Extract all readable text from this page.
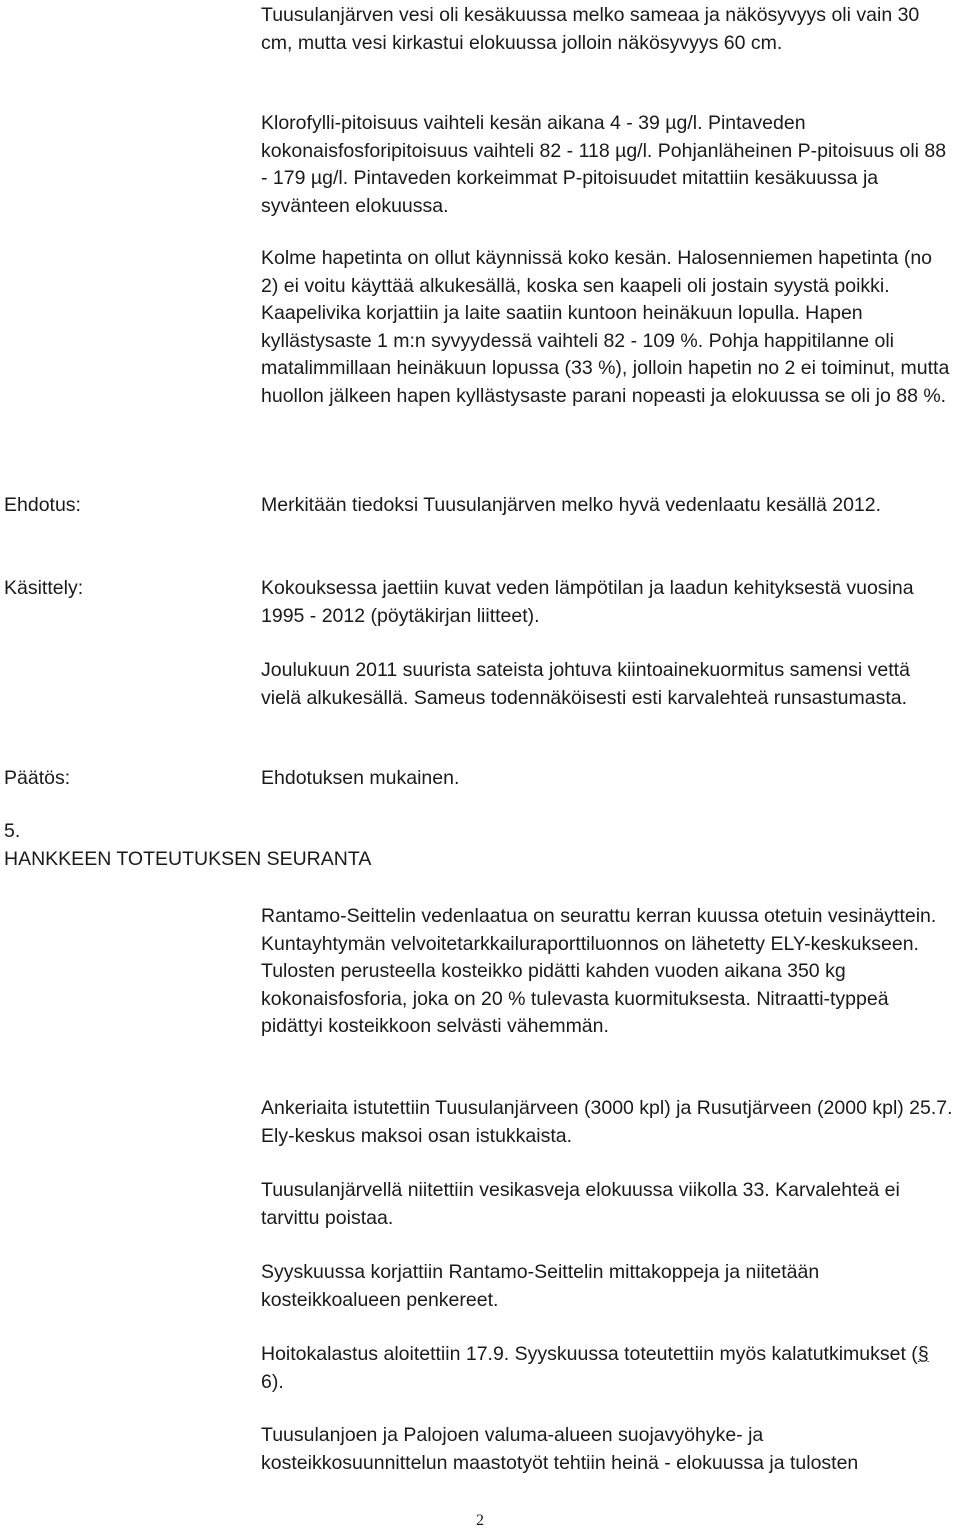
Tuusulanjärven vesi oli kesäkuussa melko sameaa ja näkösyvyys oli vain 30 cm, mutta vesi kirkastui elokuussa jolloin näkösyvyys 60 cm.

Klorofylli-pitoisuus vaihteli kesän aikana 4 - 39 µg/l. Pintaveden kokonaisfosforipitoisuus vaihteli 82 - 118 µg/l. Pohjanläheinen P-pitoisuus oli 88 - 179 µg/l. Pintaveden korkeimmat P-pitoisuudet mitattiin kesäkuussa ja syvänteen elokuussa.

Kolme hapetinta on ollut käynnissä koko kesän. Halosenniemen hapetinta (no 2) ei voitu käyttää alkukesällä, koska sen kaapeli oli jostain syystä poikki. Kaapelivika korjattiin ja laite saatiin kuntoon heinäkuun lopulla. Hapen kyllästysaste 1 m:n syvyydessä vaihteli 82 - 109 %. Pohja happitilanne oli matalimmillaan heinäkuun lopussa (33 %), jolloin hapetin no 2 ei toiminut, mutta huollon jälkeen hapen kyllästysaste parani nopeasti ja elokuussa se oli jo 88 %.

Ehdotus:	Merkitään tiedoksi Tuusulanjärven melko hyvä vedenlaatu kesällä 2012.

Käsittely:	Kokouksessa jaettiin kuvat veden lämpötilan ja laadun kehityksestä vuosina 1995 - 2012 (pöytäkirjan liitteet).

Joulukuun 2011 suurista sateista johtuva kiintoainekuormitus samensi vettä vielä alkukesällä. Sameus todennäköisesti esti karvalehteä runsastumasta.

Päätös:	Ehdotuksen mukainen.

5.

HANKKEEN TOTEUTUKSEN SEURANTA

Rantamo-Seittelin vedenlaatua on seurattu kerran kuussa otetuin vesinäyttein. Kuntayhtymän velvoitetarkkailuraporttiluonnos on lähetetty ELY-keskukseen. Tulosten perusteella kosteikko pidätti kahden vuoden aikana 350 kg kokonaisfosforia, joka on 20 % tulevasta kuormituksesta. Nitraatti-typpeä pidättyi kosteikkoon selvästi vähemmän.

Ankeriaita istutettiin Tuusulanjärveen (3000 kpl) ja Rusutjärveen (2000 kpl) 25.7. Ely-keskus maksoi osan istukkaista.

Tuusulanjärvellä niitettiin vesikasveja elokuussa viikolla 33. Karvalehteä ei tarvittu poistaa.

Syyskuussa korjattiin Rantamo-Seittelin mittakoppeja ja niitetään kosteikkoalueen penkereet.

Hoitokalastus aloitettiin 17.9. Syyskuussa toteutettiin myös kalatutkimukset (§ 6).

Tuusulanjoen ja Palojoen valuma-alueen suojavyöhyke- ja kosteikkosuunnittelun maastotyöt tehtiin heinä - elokuussa ja tulosten

2
